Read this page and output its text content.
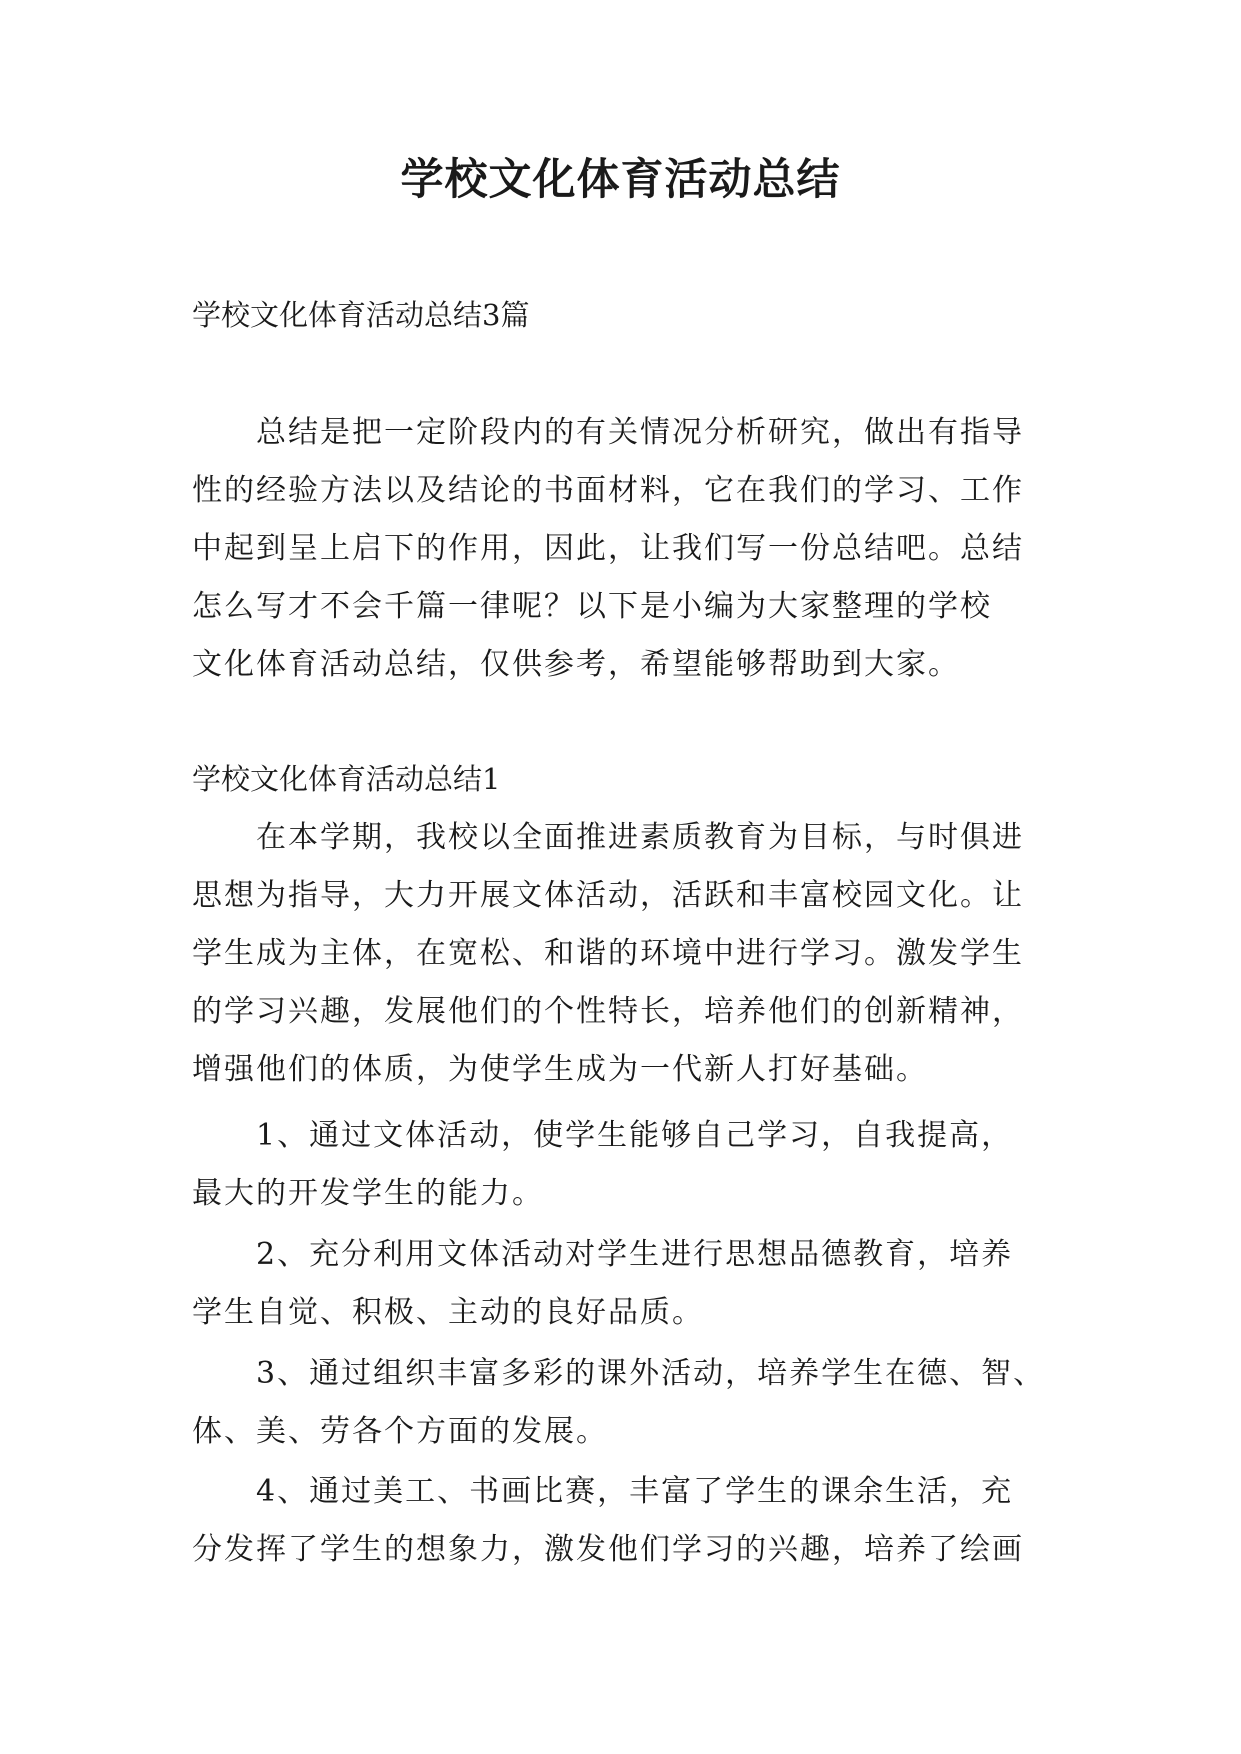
学校文化体育活动总结
学校文化体育活动总结3篇
总结是把一定阶段内的有关情况分析研究，做出有指导
性的经验方法以及结论的书面材料，它在我们的学习、工作
中起到呈上启下的作用，因此，让我们写一份总结吧。总结
怎么写才不会千篇一律呢？以下是小编为大家整理的学校
文化体育活动总结，仅供参考，希望能够帮助到大家。
学校文化体育活动总结1
在本学期，我校以全面推进素质教育为目标，与时俱进
思想为指导，大力开展文体活动，活跃和丰富校园文化。让
学生成为主体，在宽松、和谐的环境中进行学习。激发学生
的学习兴趣，发展他们的个性特长，培养他们的创新精神，
增强他们的体质，为使学生成为一代新人打好基础。
1、通过文体活动，使学生能够自己学习，自我提高，
最大的开发学生的能力。
2、充分利用文体活动对学生进行思想品德教育，培养
学生自觉、积极、主动的良好品质。
3、通过组织丰富多彩的课外活动，培养学生在德、智、
体、美、劳各个方面的发展。
4、通过美工、书画比赛，丰富了学生的课余生活，充
分发挥了学生的想象力，激发他们学习的兴趣，培养了绘画
